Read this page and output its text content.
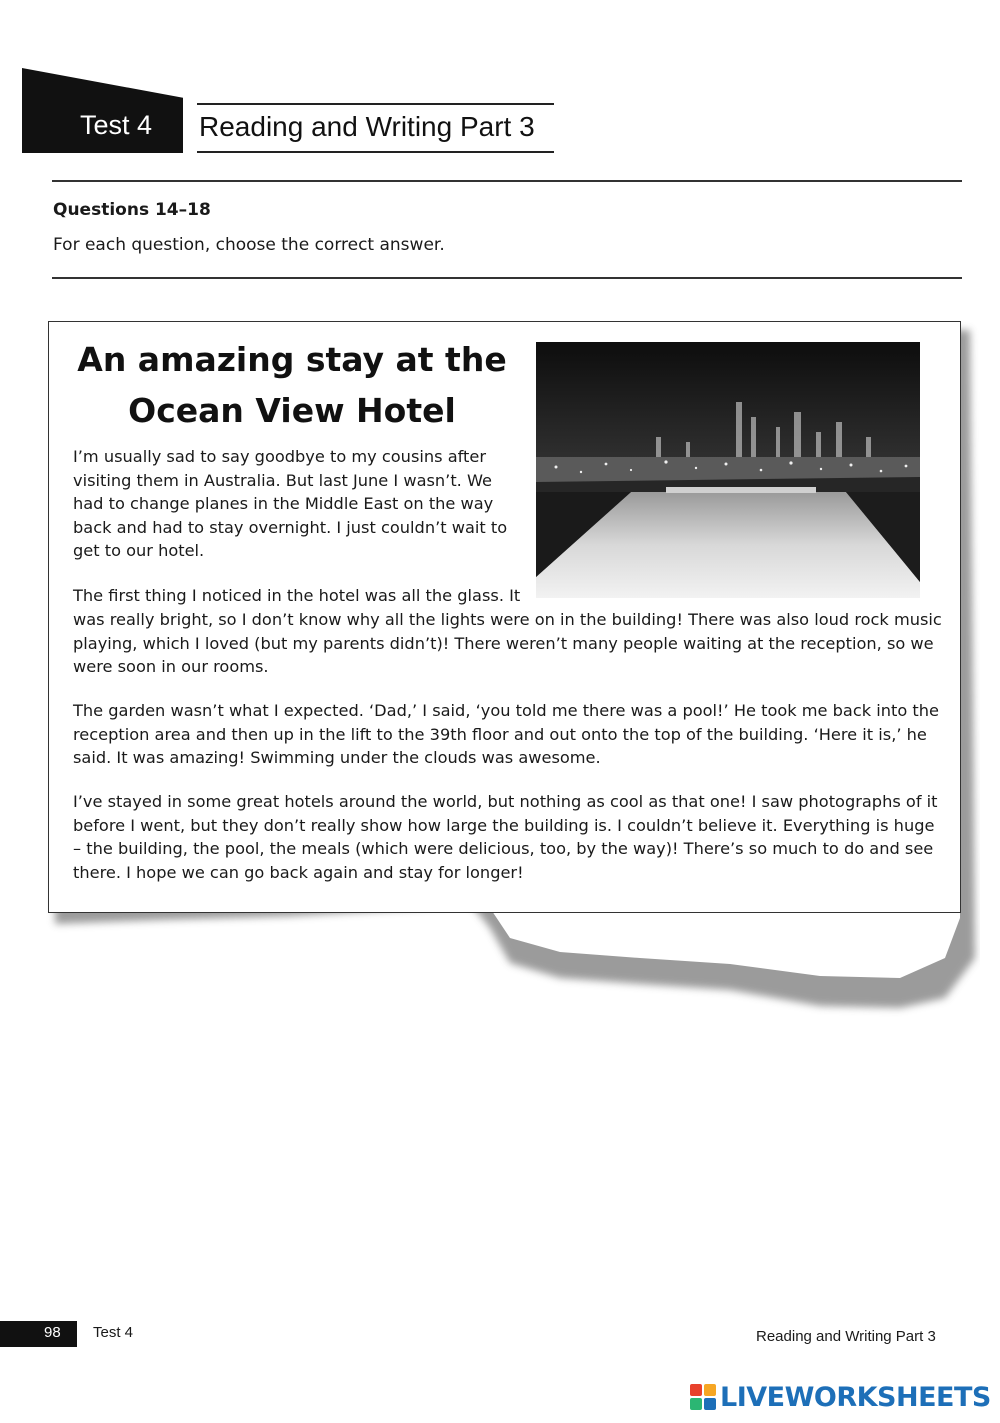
Test 4 Reading and Writing Part 3
Questions 14–18
For each question, choose the correct answer.
An amazing stay at the
Ocean View Hotel

I’m usually sad to say goodbye to my cousins after visiting them in Australia. But last June I wasn’t. We had to change planes in the Middle East on the way back and had to stay overnight. I just couldn’t wait to get to our hotel.

The first thing I noticed in the hotel was all the glass. It

was really bright, so I don’t know why all the lights were on in the building! There was also loud rock music playing, which I loved (but my parents didn’t)! There weren’t many people waiting at the reception, so we were soon in our rooms.

The garden wasn’t what I expected. ‘Dad,’ I said, ‘you told me there was a pool!’ He took me back into the reception area and then up in the lift to the 39th floor and out onto the top of the building. ‘Here it is,’ he said. It was amazing! Swimming under the clouds was awesome.

I’ve stayed in some great hotels around the world, but nothing as cool as that one! I saw photographs of it before I went, but they don’t really show how large the building is. I couldn’t believe it. Everything is huge – the building, the pool, the meals (which were delicious, too, by the way)! There’s so much to do and see there. I hope we can go back again and stay for longer!

98 Test 4	Reading and Writing Part 3
LIVEWORKSHEETS
